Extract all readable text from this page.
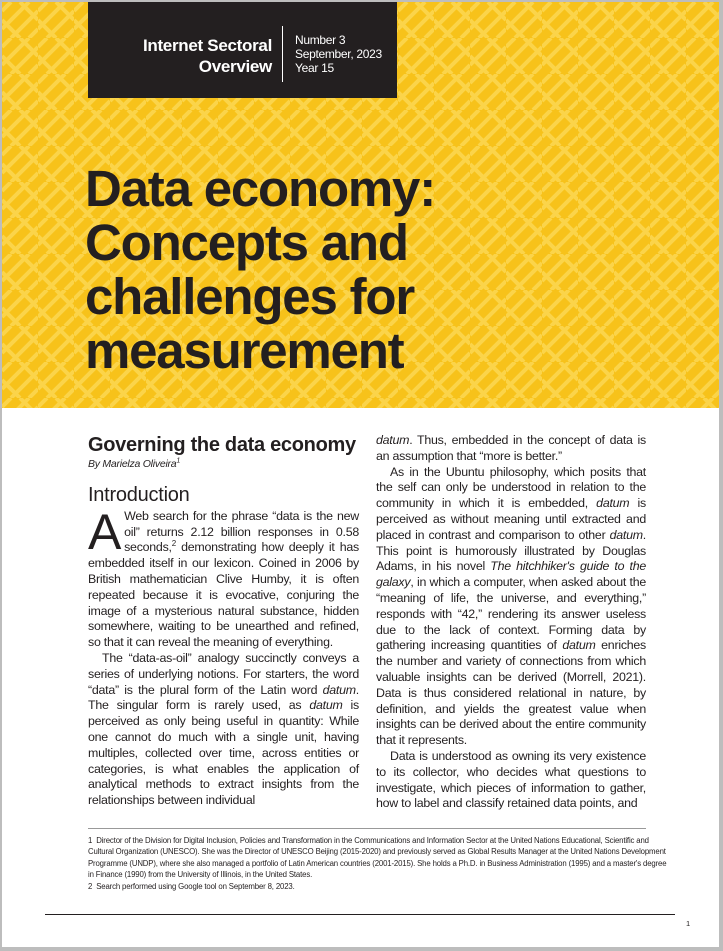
Internet Sectoral
Overview
Number 3
September, 2023
Year 15
Data economy:
Concepts and
challenges for
measurement
Governing the data economy

By Marielza Oliveira$^1$

Introduction

A Web search for the phrase “data is the new oil” returns 2.12 billion responses in 0.58 seconds,$^2$ demonstrating how deeply it has embedded itself in our lexicon. Coined in 2006 by British mathematician Clive Humby, it is often repeated because it is evocative, conjuring the image of a mysterious natural substance, hidden somewhere, waiting to be unearthed and refined, so that it can reveal the meaning of everything.

The “data-as-oil” analogy succinctly conveys a series of underlying notions. For starters, the word “data” is the plural form of the Latin word datum. The singular form is rarely used, as datum is perceived as only being useful in quantity: While one cannot do much with a single unit, having multiples, collected over time, across entities or categories, is what enables the application of analytical methods to extract insights from the relationships between individual

datum. Thus, embedded in the concept of data is an assumption that “more is better.”

As in the Ubuntu philosophy, which posits that the self can only be understood in relation to the community in which it is embedded, datum is perceived as without meaning until extracted and placed in contrast and comparison to other datum. This point is humorously illustrated by Douglas Adams, in his novel The hitchhiker's guide to the galaxy, in which a computer, when asked about the “meaning of life, the universe, and everything,” responds with “42,” rendering its answer useless due to the lack of context. Forming data by gathering increasing quantities of datum enriches the number and variety of connections from which valuable insights can be derived (Morrell, 2021). Data is thus considered relational in nature, by definition, and yields the greatest value when insights can be derived about the entire community that it represents.

Data is understood as owning its very existence to its collector, who decides what questions to investigate, which pieces of information to gather, how to label and classify retained data points, and

1 Director of the Division for Digital Inclusion, Policies and Transformation in the Communications and Information Sector at the United Nations Educational, Scientific and Cultural Organization (UNESCO). She was the Director of UNESCO Beijing (2015-2020) and previously served as Global Results Manager at the United Nations Development Programme (UNDP), where she also managed a portfolio of Latin American countries (2001-2015). She holds a Ph.D. in Business Administration (1995) and a master's degree in Finance (1990) from the University of Illinois, in the United States.

2 Search performed using Google tool on September 8, 2023.

1
